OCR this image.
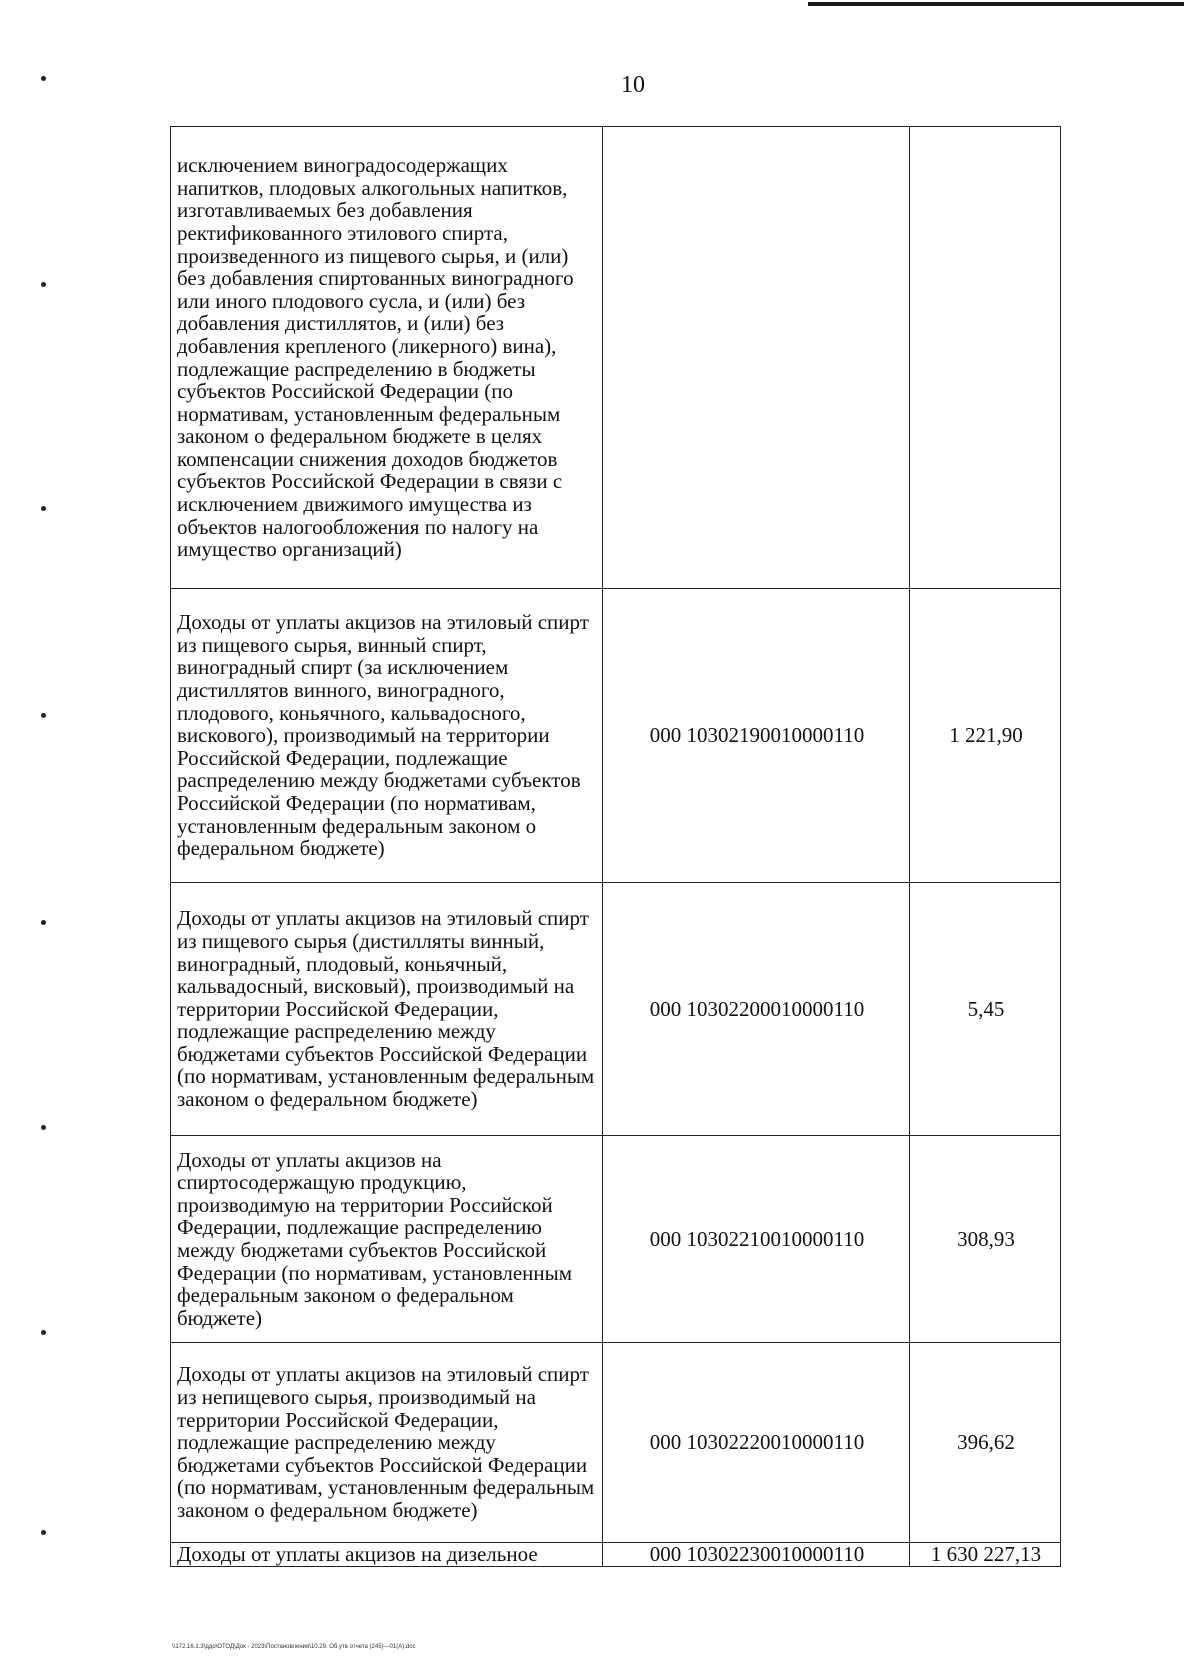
10
исключением виноградосодержащих напитков, плодовых алкогольных напитков, изготавливаемых без добавления ректификованного этилового спирта, произведенного из пищевого сырья, и (или) без добавления спиртованных виноградного или иного плодового сусла, и (или) без добавления дистиллятов, и (или) без добавления крепленого (ликерного) вина), подлежащие распределению в бюджеты субъектов Российской Федерации (по нормативам, установленным федеральным законом о федеральном бюджете в целях компенсации снижения доходов бюджетов субъектов Российской Федерации в связи с исключением движимого имущества из объектов налогообложения по налогу на имущество организаций)		
Доходы от уплаты акцизов на этиловый спирт из пищевого сырья, винный спирт, виноградный спирт (за исключением дистиллятов винного, виноградного, плодового, коньячного, кальвадосного, вискового), производимый на территории Российской Федерации, подлежащие распределению между бюджетами субъектов Российской Федерации (по нормативам, установленным федеральным законом о федеральном бюджете)	000 10302190010000110	1 221,90
Доходы от уплаты акцизов на этиловый спирт из пищевого сырья (дистилляты винный, виноградный, плодовый, коньячный, кальвадосный, висковый), производимый на территории Российской Федерации, подлежащие распределению между бюджетами субъектов Российской Федерации (по нормативам, установленным федеральным законом о федеральном бюджете)	000 10302200010000110	5,45
Доходы от уплаты акцизов на спиртосодержащую продукцию, производимую на территории Российской Федерации, подлежащие распределению между бюджетами субъектов Российской Федерации (по нормативам, установленным федеральным законом о федеральном бюджете)	000 10302210010000110	308,93
Доходы от уплаты акцизов на этиловый спирт из непищевого сырья, производимый на территории Российской Федерации, подлежащие распределению между бюджетами субъектов Российской Федерации (по нормативам, установленным федеральным законом о федеральном бюджете)	000 10302220010000110	396,62
Доходы от уплаты акцизов на дизельное	000 10302230010000110	1 630 227,13
\\172.16.1.3\ддо\ОТОД\Док - 2023\Постановления\10.29. Об утв отчета (245)—01(А).doc
